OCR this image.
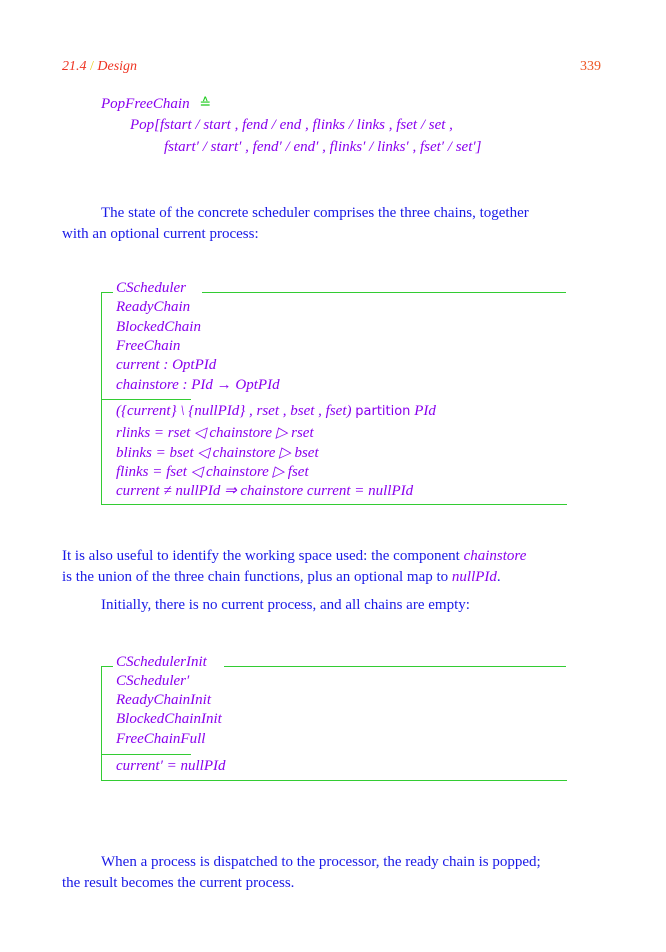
21.4 / Design	339
PopFreeChain ≙
Pop[fstart / start , fend / end , flinks / links , fset / set ,
fstart′ / start′ , fend′ / end′ , flinks′ / links′ , fset′ / set′]
The state of the concrete scheduler comprises the three chains, together
with an optional current process:
CScheduler
ReadyChain
BlockedChain
FreeChain
current : OptPId
chainstore : PId → OptPId
({current} \ {nullPId} , rset , bset , fset) partition PId
rlinks = rset ◁ chainstore ▷ rset
blinks = bset ◁ chainstore ▷ bset
flinks = fset ◁ chainstore ▷ fset
current ≠ nullPId ⇒ chainstore current = nullPId
It is also useful to identify the working space used: the component chainstore
is the union of the three chain functions, plus an optional map to nullPId.
Initially, there is no current process, and all chains are empty:
CSchedulerInit
CScheduler′
ReadyChainInit
BlockedChainInit
FreeChainFull
current′ = nullPId
When a process is dispatched to the processor, the ready chain is popped;
the result becomes the current process.
